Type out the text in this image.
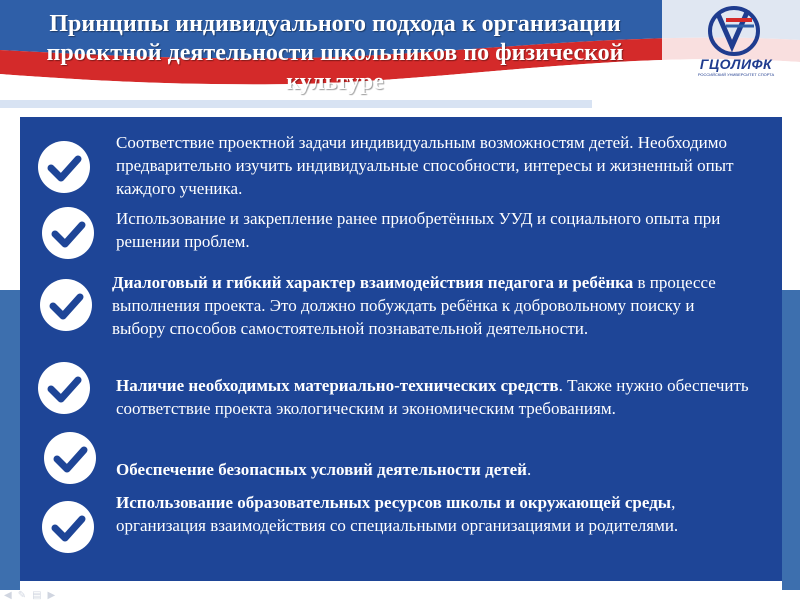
Принципы индивидуального подхода к организации проектной деятельности школьников по физической культуре
ГЦОЛИФК
РОССИЙСКИЙ УНИВЕРСИТЕТ СПОРТА

Соответствие проектной задачи индивидуальным возможностям детей. Необходимо предварительно изучить индивидуальные способности, интересы и жизненный опыт каждого ученика.

Использование и закрепление ранее приобретённых УУД и социального опыта при решении проблем.

Диалоговый и гибкий характер взаимодействия педагога и ребёнка в процессе выполнения проекта. Это должно побуждать ребёнка к добровольному поиску и выбору способов самостоятельной познавательной деятельности.

Наличие необходимых материально-технических средств. Также нужно обеспечить соответствие проекта экологическим и экономическим требованиям.

Обеспечение безопасных условий деятельности детей.

Использование образовательных ресурсов школы и окружающей среды, организация взаимодействия со специальными организациями и родителями.

◀ ✎ ▤ ▶
